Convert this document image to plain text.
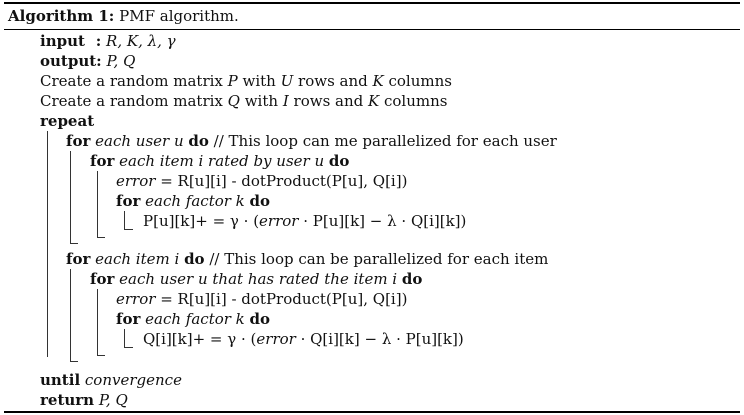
Algorithm 1: PMF algorithm.
input : R, K, λ, γ
output: P, Q
Create a random matrix P with U rows and K columns
Create a random matrix Q with I rows and K columns
repeat
for each user u do // This loop can me parallelized for each user
for each item i rated by user u do
error = R[u][i] - dotProduct(P[u], Q[i])
for each factor k do
P[u][k]+ = γ · (error · P[u][k] − λ · Q[i][k])
for each item i do // This loop can be parallelized for each item
for each user u that has rated the item i do
error = R[u][i] - dotProduct(P[u], Q[i])
for each factor k do
Q[i][k]+ = γ · (error · Q[i][k] − λ · P[u][k])
until convergence
return P, Q
